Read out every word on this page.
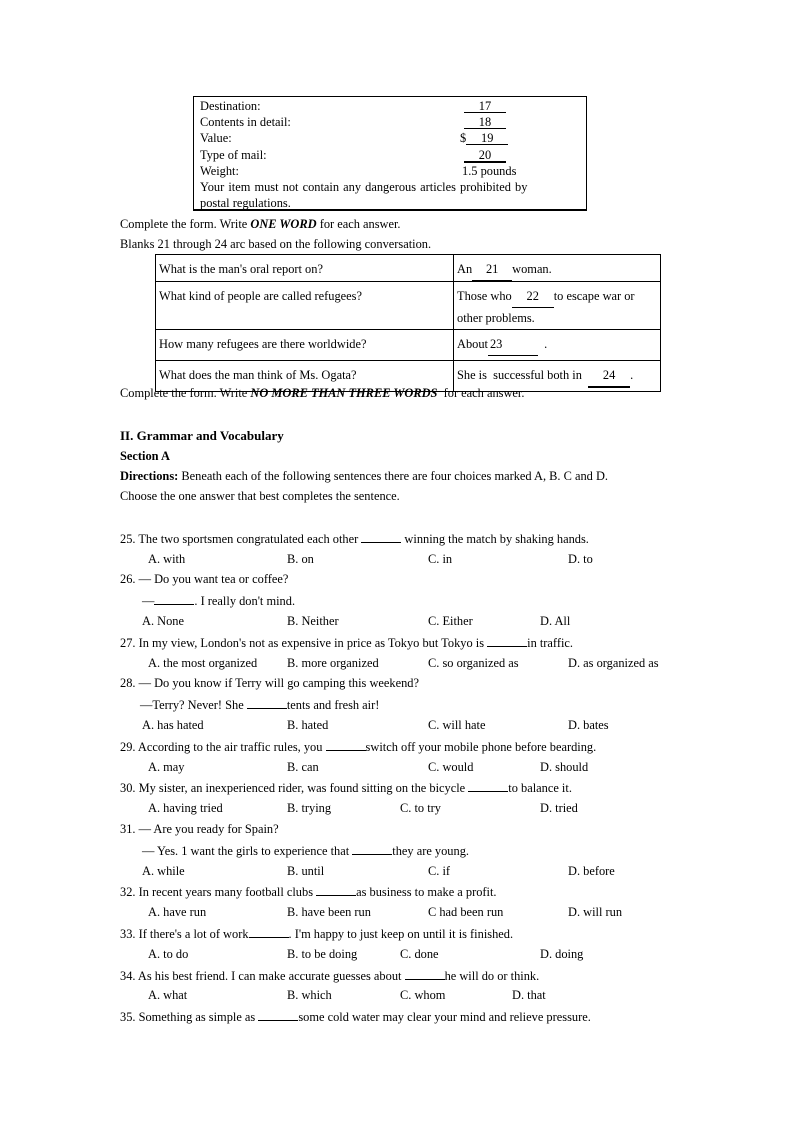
Destination:	17
Contents in detail:	18
Value:	$ 19
Type of mail:	20
Weight:	1.5 pounds
Your item must not contain any dangerous articles prohibited by
postal regulations.
Complete the form. Write ONE WORD for each answer.
Blanks 21 through 24 arc based on the following conversation.
What is the man's oral report on?	An 21 woman.
What kind of people are called refugees?	Those who 22 to escape war or
other problems.
How many refugees are there worldwide?	About 23 .
What does the man think of Ms. Ogata?	She is  successful both in  24 .
Complete the form. Write NO MORE THAN THREE WORDS  for each answer.
II. Grammar and Vocabulary
Section A
Directions: Beneath each of the following sentences there are four choices marked A, B. C and D.
Choose the one answer that best completes the sentence.
25. The two sportsmen congratulated each other	winning the match by shaking hands.
A. with	B. on	C. in	D. to
26. — Do you want tea or coffee?
—	. I really don't mind.
A. None	B. Neither	C. Either	D. All
27. In my view, London's not as expensive in price as Tokyo but Tokyo is	in traffic.
A. the most organized B. more organized	C. so organized as	D. as organized as
28. — Do you know if Terry will go camping this weekend?
—Terry? Never! She	tents and fresh air!
A. has hated	B. hated	C. will hate	D. bates
29. According to the air traffic rules, you	switch off your mobile phone before bearding.
A. may	B. can	C. would	D. should
30. My sister, an inexperienced rider, was found sitting on the bicycle	to balance it.
A. having tried	B. trying	C. to try	D. tried
31. — Are you ready for Spain?
— Yes. 1 want the girls to experience that	they are young.
A. while	B. until	C. if	D. before
32. In recent years many football clubs	as business to make a profit.
A. have run	B. have been run	C had been run	D. will run
33. If there's a lot of work	. I'm happy to just keep on until it is finished.
A. to do	B. to be doing	C. done	D. doing
34. As his best friend. I can make accurate guesses about	he will do or think.
A. what	B. which	C. whom	D. that
35. Something as simple as	some cold water may clear your mind and relieve pressure.
